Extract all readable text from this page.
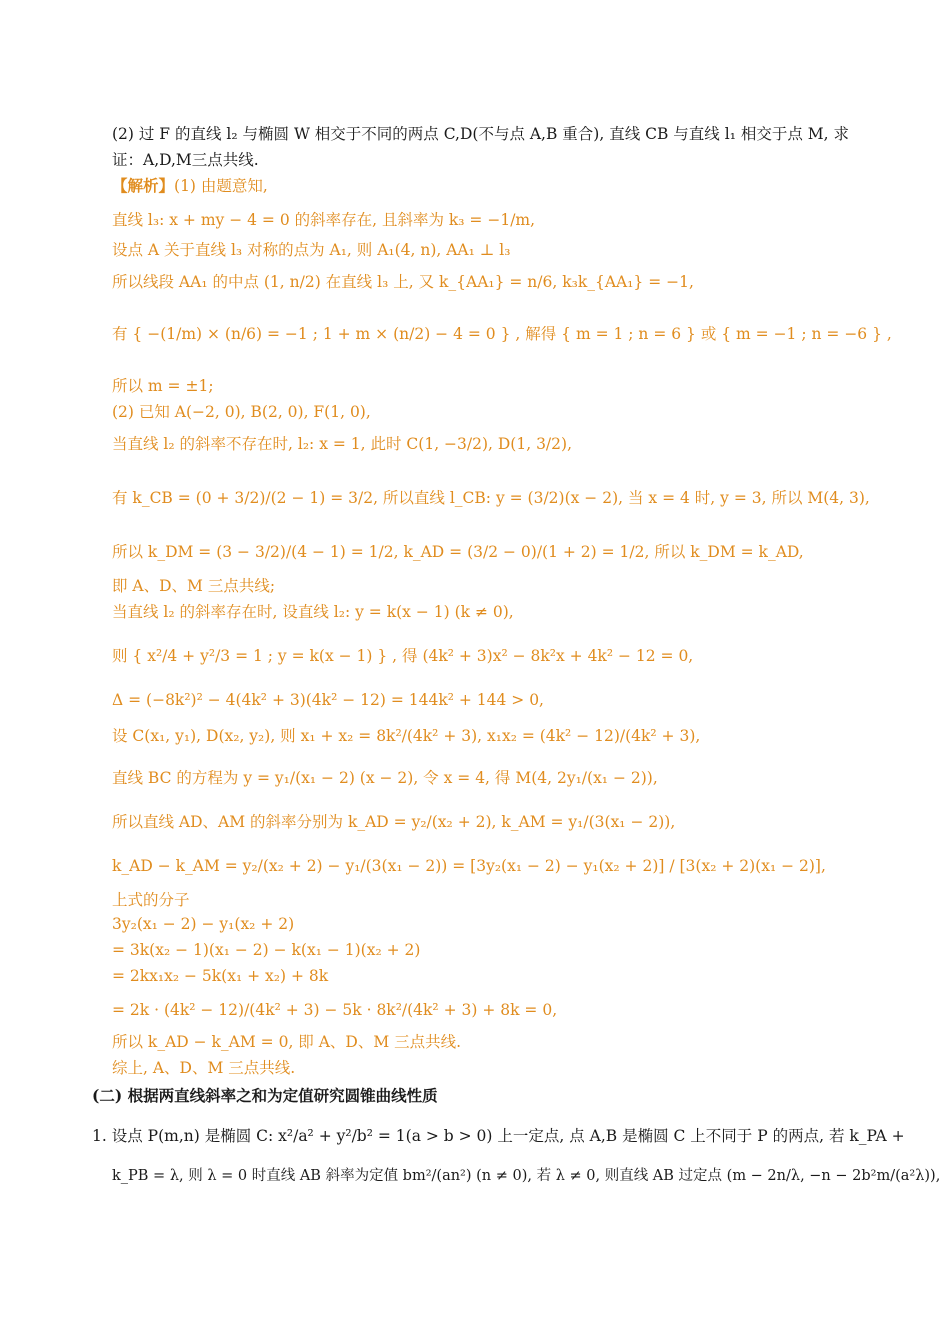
(2) 过 F 的直线 l₂ 与椭圆 W 相交于不同的两点 C,D(不与点 A,B 重合), 直线 CB 与直线 l₁ 相交于点 M, 求
证：A,D,M三点共线.
【解析】(1) 由题意知,
直线 l₃: x + my − 4 = 0 的斜率存在, 且斜率为 k₃ = −1/m,
设点 A 关于直线 l₃ 对称的点为 A₁, 则 A₁(4, n), AA₁ ⊥ l₃
所以线段 AA₁ 的中点 (1, n/2) 在直线 l₃ 上, 又 k_{AA₁} = n/6, k₃k_{AA₁} = −1,
有 { −(1/m) × (n/6) = −1 ; 1 + m × (n/2) − 4 = 0 } , 解得 { m = 1 ; n = 6 } 或 { m = −1 ; n = −6 } ,
所以 m = ±1;
(2) 已知 A(−2, 0), B(2, 0), F(1, 0),
当直线 l₂ 的斜率不存在时, l₂: x = 1, 此时 C(1, −3/2), D(1, 3/2),
有 k_CB = (0 + 3/2)/(2 − 1) = 3/2, 所以直线 l_CB: y = (3/2)(x − 2), 当 x = 4 时, y = 3, 所以 M(4, 3),
所以 k_DM = (3 − 3/2)/(4 − 1) = 1/2, k_AD = (3/2 − 0)/(1 + 2) = 1/2, 所以 k_DM = k_AD,
即 A、D、M 三点共线;
当直线 l₂ 的斜率存在时, 设直线 l₂: y = k(x − 1) (k ≠ 0),
则 { x²/4 + y²/3 = 1 ; y = k(x − 1) } , 得 (4k² + 3)x² − 8k²x + 4k² − 12 = 0,
Δ = (−8k²)² − 4(4k² + 3)(4k² − 12) = 144k² + 144 > 0,
设 C(x₁, y₁), D(x₂, y₂), 则 x₁ + x₂ = 8k²/(4k² + 3), x₁x₂ = (4k² − 12)/(4k² + 3),
直线 BC 的方程为 y = y₁/(x₁ − 2) (x − 2), 令 x = 4, 得 M(4, 2y₁/(x₁ − 2)),
所以直线 AD、AM 的斜率分别为 k_AD = y₂/(x₂ + 2), k_AM = y₁/(3(x₁ − 2)),
k_AD − k_AM = y₂/(x₂ + 2) − y₁/(3(x₁ − 2)) = [3y₂(x₁ − 2) − y₁(x₂ + 2)] / [3(x₂ + 2)(x₁ − 2)],
上式的分子
3y₂(x₁ − 2) − y₁(x₂ + 2)
= 3k(x₂ − 1)(x₁ − 2) − k(x₁ − 1)(x₂ + 2)
= 2kx₁x₂ − 5k(x₁ + x₂) + 8k
= 2k · (4k² − 12)/(4k² + 3) − 5k · 8k²/(4k² + 3) + 8k = 0,
所以 k_AD − k_AM = 0, 即 A、D、M 三点共线.
综上, A、D、M 三点共线.
(二) 根据两直线斜率之和为定值研究圆锥曲线性质
1. 设点 P(m,n) 是椭圆 C: x²/a² + y²/b² = 1(a > b > 0) 上一定点, 点 A,B 是椭圆 C 上不同于 P 的两点, 若 k_PA +
k_PB = λ, 则 λ = 0 时直线 AB 斜率为定值 bm²/(an²) (n ≠ 0), 若 λ ≠ 0, 则直线 AB 过定点 (m − 2n/λ, −n − 2b²m/(a²λ)),
